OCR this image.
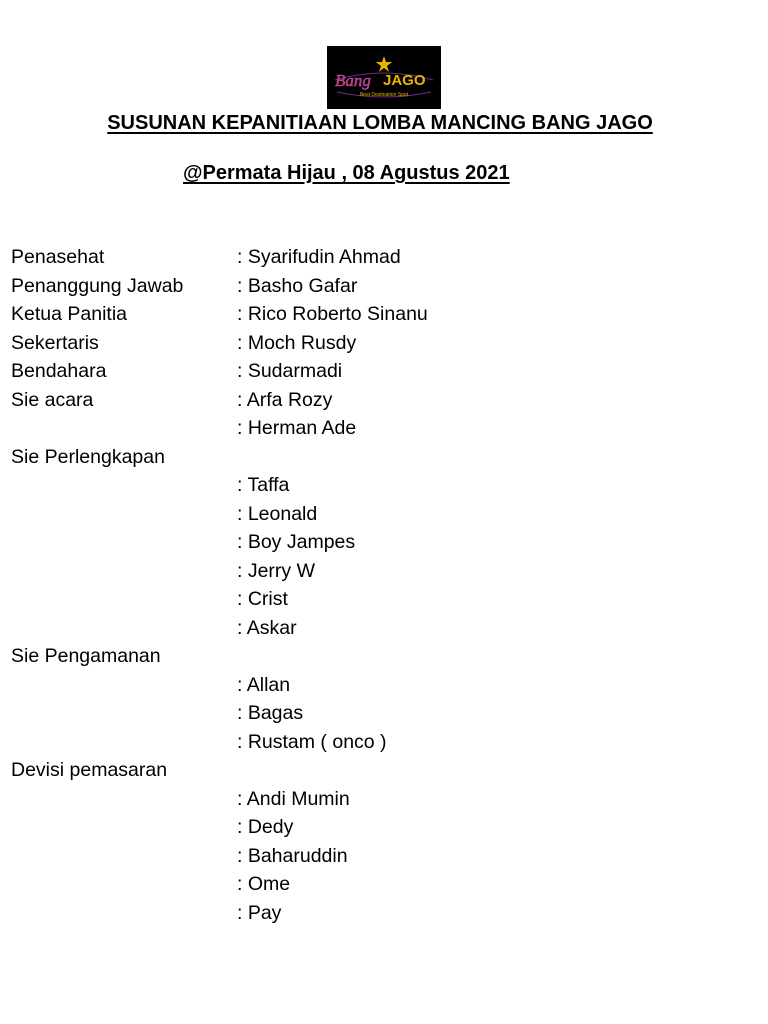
Bang JAGO
Best Destination Spot
SUSUNAN KEPANITIAAN LOMBA MANCING BANG JAGO
@Permata Hijau , 08 Agustus 2021
Penasehat	: Syarifudin Ahmad
Penanggung Jawab	: Basho Gafar
Ketua Panitia	: Rico Roberto Sinanu
Sekertaris	: Moch Rusdy
Bendahara	: Sudarmadi
Sie acara	: Arfa Rozy
: Herman Ade
Sie Perlengkapan
: Taffa
: Leonald
: Boy Jampes
: Jerry W
: Crist
: Askar
Sie Pengamanan
: Allan
: Bagas
: Rustam ( onco )
Devisi pemasaran
: Andi Mumin
: Dedy
: Baharuddin
: Ome
: Pay
